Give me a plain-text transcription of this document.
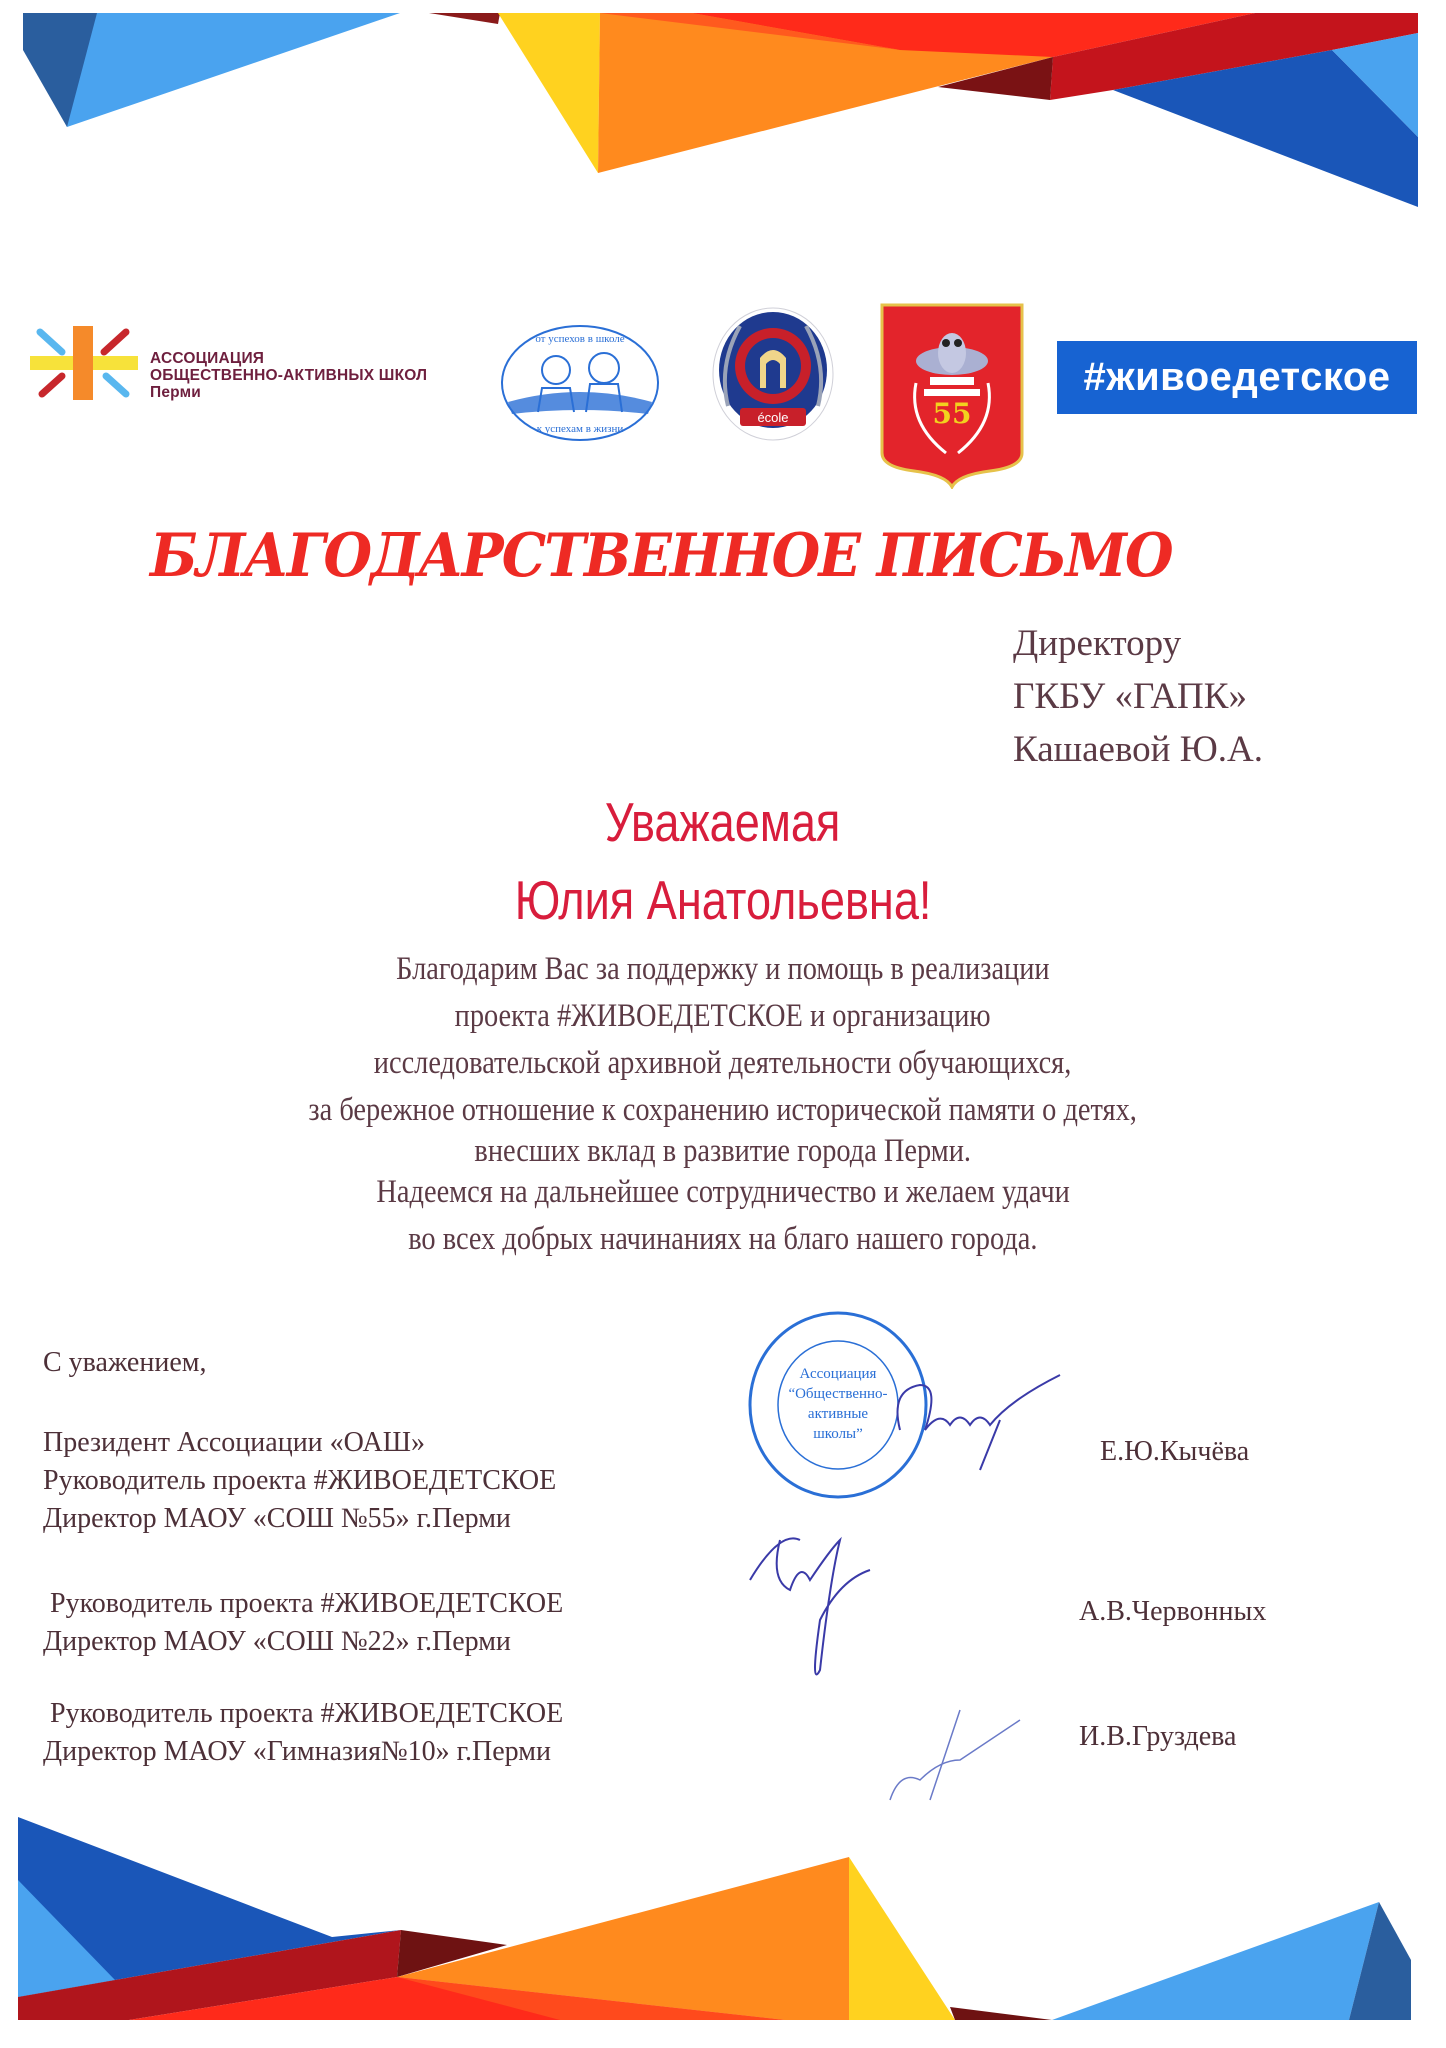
АССОЦИАЦИЯ
ОБЩЕСТВЕННО-АКТИВНЫХ ШКОЛ
Перми
от успехов в школе
к успехам в жизни
école	55
#живоедетское
БЛАГОДАРСТВЕННОЕ ПИСЬМО
Директору
ГКБУ «ГАПК»
Кашаевой Ю.А.
Уважаемая
Юлия Анатольевна!
Благодарим Вас за поддержку и помощь в реализации
проекта #ЖИВОЕДЕТСКОЕ и организацию
исследовательской архивной деятельности обучающихся,
за бережное отношение к сохранению исторической памяти о детях,
внесших вклад в развитие города Перми.
Надеемся на дальнейшее сотрудничество и желаем удачи
во всех добрых начинаниях на благо нашего города.
С уважением,
Президент Ассоциации «ОАШ»
Руководитель проекта #ЖИВОЕДЕТСКОЕ
Директор МАОУ «СОШ №55» г.Перми
Е.Ю.Кычёва
Руководитель проекта #ЖИВОЕДЕТСКОЕ
Директор МАОУ «СОШ №22» г.Перми
А.В.Червонных
Руководитель проекта #ЖИВОЕДЕТСКОЕ
Директор МАОУ «Гимназия№10» г.Перми	И.В.Груздева
Ассоциация
“Общественно-
активные
школы”
